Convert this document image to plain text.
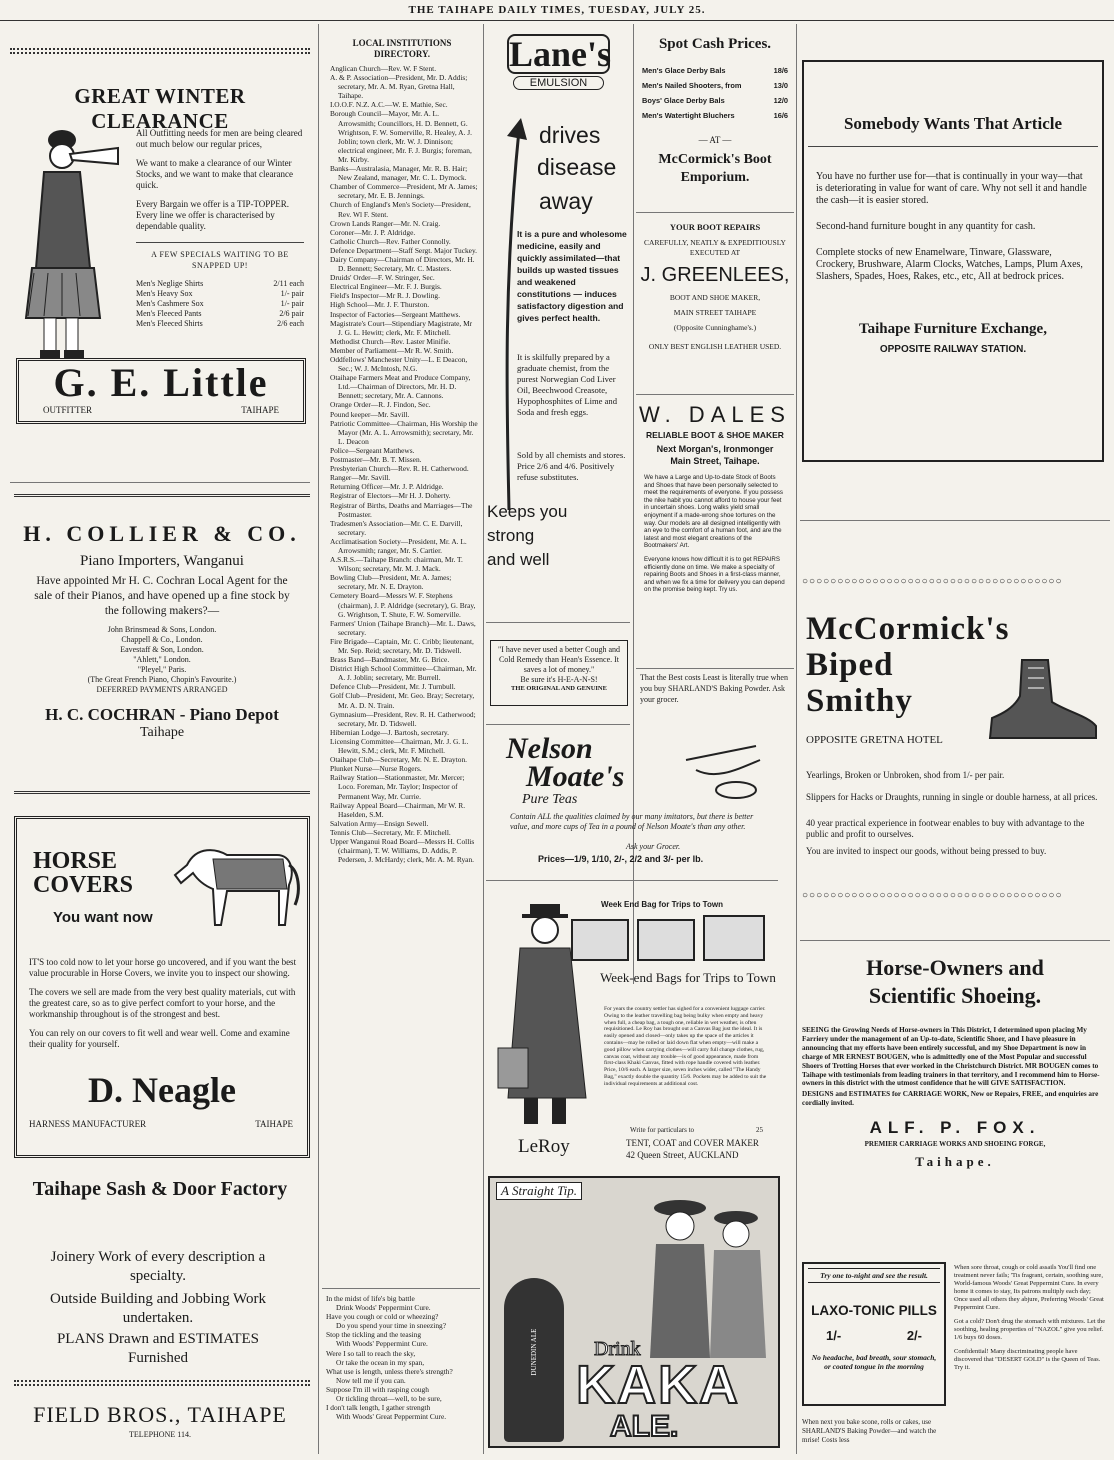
THE TAIHAPE DAILY TIMES, TUESDAY, JULY 25.
GREAT WINTER CLEARANCE

All Outfitting needs for men are being cleared out much below our regular prices,

We want to make a clearance of our Winter Stocks, and we want to make that clearance quick.

Every Bargain we offer is a TIP-TOPPER. Every line we offer is characterised by dependable quality.

A FEW SPECIALS WAITING TO BE SNAPPED UP!

Men's Neglige Shirts	2/11 each
Men's Heavy Sox	1/- pair
Men's Cashmere Sox	1/- pair
Men's Fleeced Pants	2/6 pair
Men's Fleeced Shirts	2/6 each
G. E. Little
OUTFITTER	TAIHAPE
H. COLLIER & CO.
Piano Importers, Wanganui
Have appointed Mr H. C. Cochran Local Agent for the sale of their Pianos, and have opened up a fine stock by the following makers?—
John Brinsmead & Sons, London.
Chappell & Co., London.
Eavestaff & Son, London.
"Ahlett," London.
"Pleyel," Paris.
(The Great French Piano, Chopin's Favourite.)
DEFERRED PAYMENTS ARRANGED
H. C. COCHRAN - Piano Depot
Taihape
HORSE
COVERS
You want now

IT'S too cold now to let your horse go uncovered, and if you want the best value procurable in Horse Covers, we invite you to inspect our showing.

The covers we sell are made from the very best quality materials, cut with the greatest care, so as to give perfect comfort to your horse, and the workmanship throughout is of the strongest and best.

You can rely on our covers to fit well and wear well. Come and examine their quality for yourself.

D. Neagle
HARNESS MANUFACTURER	TAIHAPE
Taihape Sash & Door Factory
Joinery Work of every description a specialty.
Outside Building and Jobbing Work undertaken.
PLANS Drawn and ESTIMATES Furnished
FIELD BROS., TAIHAPE
TELEPHONE 114.
LOCAL INSTITUTIONS DIRECTORY.

Anglican Church—Rev. W. F Stent.

A. & P. Association—President, Mr. D. Addis; secretary, Mr. A. M. Ryan, Gretna Hall, Taihape.

I.O.O.F. N.Z. A.C.—W. E. Mathie, Sec.

Borough Council—Mayor, Mr. A. L. Arrowsmith; Councillors, H. D. Bennett, G. Wrightson, F. W. Somerville, R. Healey, A. J. Joblin; town clerk, Mr. W. J. Dinnison; electrical engineer, Mr. F. J. Burgis; foreman, Mr. Kirby.

Banks—Australasia, Manager, Mr. R. B. Hair; New Zealand, manager, Mr. C. L. Dymock.

Chamber of Commerce—President, Mr A. James; secretary, Mr. E. B. Jennings.

Church of England's Men's Society—President, Rev. Wl F. Stent.

Crown Lands Ranger—Mr. N. Craig.

Coroner—Mr. J. P. Aldridge.

Catholic Church—Rev. Father Connolly.

Defence Department—Staff Sergt. Major Tuckey.

Dairy Company—Chairman of Directors, Mr. H. D. Bennett; Secretary, Mr. C. Masters.

Druids' Order—F. W. Stringer, Sec.

Electrical Engineer—Mr. F. J. Burgis.

Field's Inspector—Mr R. J. Dowling.

High School—Mr. J. F. Thurston.

Inspector of Factories—Sergeant Matthews.

Magistrate's Court—Stipendiary Magistrate, Mr J. G. L. Hewitt; clerk, Mr. F. Mitchell.

Methodist Church—Rev. Laster Minifie.

Member of Parliament—Mr R. W. Smith.

Oddfellows' Manchester Unity—L. E Deacon, Sec.; W. J. McIntosh, N.G.

Otaihape Farmers Meat and Produce Company, Ltd.—Chairman of Directors, Mr. H. D. Bennett; secretary, Mr. A. Cannons.

Orange Order—R. J. Findon, Sec.

Pound keeper—Mr. Savill.

Patriotic Committee—Chairman, His Worship the Mayor (Mr. A. L. Arrowsmith); secretary, Mr. L. Deacon

Police—Sergeant Matthews.

Postmaster—Mr. B. T. Missen.

Presbyterian Church—Rev. R. H. Catherwood.

Ranger—Mr. Savill.

Returning Officer—Mr. J. P. Aldridge.

Registrar of Electors—Mr H. J. Doherty.

Registrar of Births, Deaths and Marriages—The Postmaster.

Tradesmen's Association—Mr. C. E. Darvill, secretary.

Acclimatisation Society—President, Mr. A. L. Arrowsmith; ranger, Mr. S. Cartier.

A.S.R.S.—Taihape Branch: chairman, Mr. T. Wilson; secretary, Mr. M. J. Mack.

Bowling Club—President, Mr. A. James; secretary, Mr. N. E. Drayton.

Cemetery Board—Messrs W. F. Stephens (chairman), J. P. Aldridge (secretary), G. Bray, G. Wrightson, T. Shute, F. W. Somerville.

Farmers' Union (Taihape Branch)—Mr. L. Daws, secretary.

Fire Brigade—Captain, Mr. C. Cribb; lieutenant, Mr. Sep. Reid; secretary, Mr. D. Tidswell.

Brass Band—Bandmaster, Mr. G. Brice.

District High School Committee—Chairman, Mr. A. J. Joblin; secretary, Mr. Burrell.

Defence Club—President, Mr. J. Turnbull.

Golf Club—President, Mr. Geo. Bray; Secretary, Mr. A. D. N. Train.

Gymnasium—President, Rev. R. H. Catherwood; secretary, Mr. D. Tidswell.

Hibernian Lodge—J. Bartosh, secretary.

Licensing Committee—Chairman, Mr. J. G. L. Hewitt, S.M.; clerk, Mr. F. Mitchell.

Otaihape Club—Secretary, Mr. N. E. Drayton.

Plunket Nurse—Nurse Rogers.

Railway Station—Stationmaster, Mr. Mercer; Loco. Foreman, Mr. Taylor; Inspector of Permanent Way, Mr. Currie.

Railway Appeal Board—Chairman, Mr W. R. Haselden, S.M.

Salvation Army—Ensign Sewell.

Tennis Club—Secretary, Mr. F. Mitchell.

Upper Wanganui Road Board—Messrs H. Collis (chairman), T. W. Williams, D. Addis, P. Pedersen, J. McHardy; clerk, Mr. A. M. Ryan.

In the midst of life's big battle

Drink Woods' Peppermint Cure.

Have you cough or cold or wheezing?

Do you spend your time in sneezing?

Stop the tickling and the teasing

With Woods' Peppermint Cure.

Were I so tall to reach the sky,

Or take the ocean in my span,

What use is length, unless there's strength?

Now tell me if you can.

Suppose I'm ill with rasping cough

Or tickling throat—well, to be sure,

I don't talk length, I gather strength

With Woods' Great Peppermint Cure.

Lane's
EMULSION
drives
disease
away
It is a pure and wholesome medicine, easily and quickly assimilated—that builds up wasted tissues and weakened constitutions — induces satisfactory digestion and gives perfect health.
It is skilfully prepared by a graduate chemist, from the purest Norwegian Cod Liver Oil, Beechwood Creasote, Hypophosphites of Lime and Soda and fresh eggs.
Sold by all chemists and stores. Price 2/6 and 4/6. Positively refuse substitutes.
Keeps you
strong
and well
"I have never used a better Cough and Cold Remedy than Hean's Essence. It saves a lot of money."
Be sure it's H-E-A-N-S!
THE ORIGINAL AND GENUINE
Nelson
Moate's
Pure Teas
Contain ALL the qualities claimed by our many imitators, but there is better value, and more cups of Tea in a pound of Nelson Moate's than any other.
Ask your Grocer.
Prices—1/9, 1/10, 2/-, 2/2 and 3/- per lb.
Week End Bag for Trips to Town
Week-end Bags for Trips to Town
For years the country settler has sighed for a convenient luggage carrier. Owing to the leather travelling bag being bulky when empty and heavy when full, a cheap bag, a tough one, reliable in wet weather, is often requisitioned. Le Roy has brought out a Canvas Bag just the ideal. It is easily opened and closed—only takes up the space of the articles it contains—may be rolled or laid down flat when empty—will make a good pillow when carrying clothes—will carry full change clothes, rug, canvas coat, without any trouble—is of good appearance, made from first-class Khaki Canvas, fitted with rope handle covered with leather. Price, 10/6 each. A larger size, seven inches wider, called "The Handy Bag," exactly double the quantity 15/6. Pockets may be added to suit the individual requirements at additional cost.
Write for particulars to	25
LeRoy	TENT, COAT and COVER MAKER
42 Queen Street, AUCKLAND
A Straight Tip.
DUNEDIN ALE	Drink
KAKA
ALE.
Spot Cash Prices.
Men's Glace Derby Bals	18/6
Men's Nailed Shooters, from	13/0
Boys' Glace Derby Bals	12/0
Men's Watertight Bluchers	16/6
— AT —
McCormick's Boot Emporium.
YOUR BOOT REPAIRS
CAREFULLY, NEATLY & EXPEDITIOUSLY EXECUTED AT
J. GREENLEES,
BOOT AND SHOE MAKER,
MAIN STREET TAIHAPE
(Opposite Cunninghame's.)
ONLY BEST ENGLISH LEATHER USED.
W. DALES
RELIABLE BOOT & SHOE MAKER
Next Morgan's, Ironmonger
Main Street, Taihape.
We have a Large and Up-to-date Stock of Boots and Shoes that have been personally selected to meet the requirements of everyone. If you possess the nike habit you cannot afford to house your feet in uncertain shoes. Long walks yield small enjoyment if a made-wrong shoe tortures on the way. Our models are all designed intelligently with an eye to the comfort of a human foot, and are the latest and most elegant creations of the Bootmakers' Art.
Everyone knows how difficult it is to get REPAIRS efficiently done on time. We make a specialty of repairing Boots and Shoes in a first-class manner, and when we fix a time for delivery you can depend on the promise being kept. Try us.
That the Best costs Least is literally true when you buy SHARLAND'S Baking Powder. Ask your grocer.
Somebody Wants That Article
You have no further use for—that is continually in your way—that is deteriorating in value for want of care. Why not sell it and handle the cash—it is easier stored.
Second-hand furniture bought in any quantity for cash.
Complete stocks of new Enamelware, Tinware, Glassware, Crockery, Brushware, Alarm Clocks, Watches, Lamps, Plum Axes, Slashers, Spades, Hoes, Rakes, etc., etc, All at bedrock prices.
Taihape Furniture Exchange,
OPPOSITE RAILWAY STATION.
○○○○○○○○○○○○○○○○○○○○○○○○○○○○○○○○○○○○○
McCormick's
Biped
Smithy
OPPOSITE GRETNA HOTEL
Yearlings, Broken or Unbroken, shod from 1/- per pair.
Slippers for Hacks or Draughts, running in single or double harness, at all prices.
40 year practical experience in footwear enables to buy with advantage to the public and profit to ourselves.
You are invited to inspect our goods, without being pressed to buy.
○○○○○○○○○○○○○○○○○○○○○○○○○○○○○○○○○○○○○
Horse-Owners and Scientific Shoeing.
SEEING the Growing Needs of Horse-owners in This District, I determined upon placing My Farriery under the management of an Up-to-date, Scientific Shoer, and I have pleasure in announcing that my efforts have been entirely successful, and my Shoe Department is now in charge of MR ERNEST BOUGEN, who is admittedly one of the Most Popular and successful Shoers of Trotting Horses that ever worked in the Christchurch District. MR BOUGEN comes to Taihape with testimonials from leading trainers in that territory, and I recommend him to Horse-owners in this district with the utmost confidence that he will GIVE SATISFACTION.
DESIGNS and ESTIMATES for CARRIAGE WORK, New or Repairs, FREE, and enquiries are cordially invited.
ALF. P. FOX.
PREMIER CARRIAGE WORKS AND SHOEING FORGE,
Taihape.
Try one to-night and see the result.
LAXO-TONIC PILLS
1/-	2/-
No headache, bad breath, sour stomach, or coated tongue in the morning
When sore throat, cough or cold assails You'll find one treatment never fails; 'Tis fragrant, certain, soothing sure, World-famous Woods' Great Peppermint Cure. In every home it comes to stay, Its patrons multiply each day; Once used all others they abjure, Preferring Woods' Great Peppermint Cure.
Got a cold? Don't drug the stomach with mixtures. Let the soothing, healing properties of "NAZOL" give you relief. 1/6 buys 60 doses.
Confidential! Many discriminating people have discovered that "DESERT GOLD" is the Queen of Teas. Try it.
When next you bake scone, rolls or cakes, use SHARLAND'S Baking Powder—and watch the mrise! Costs less
